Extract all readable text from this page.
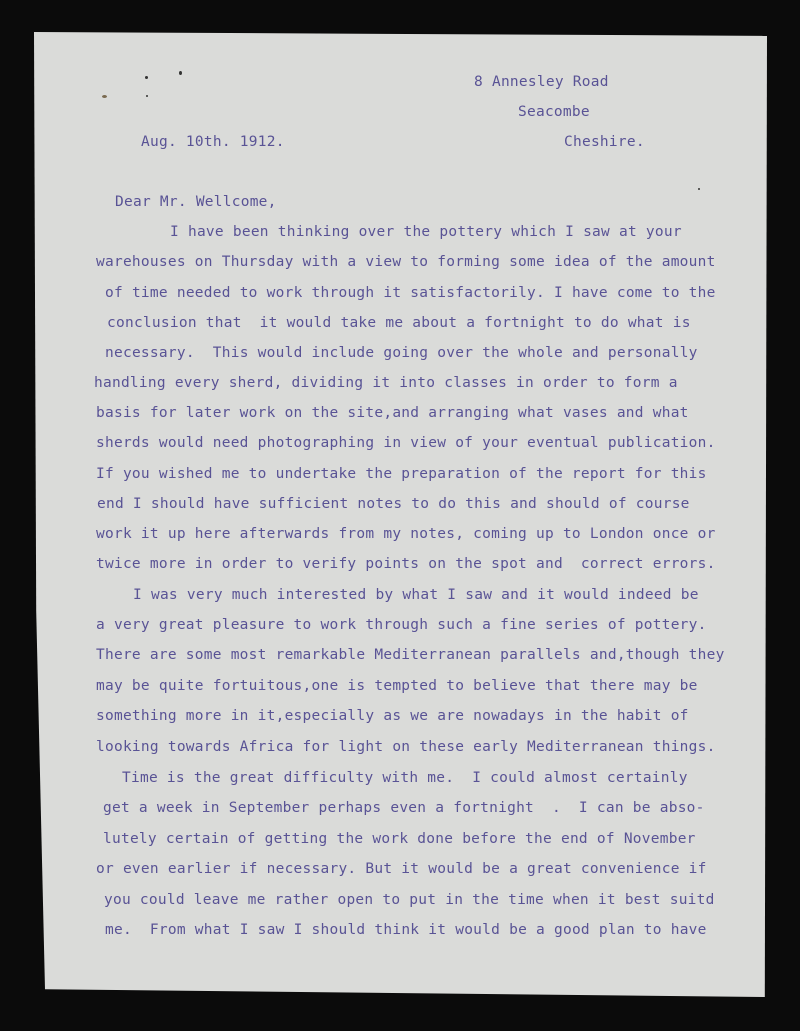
8 Annesley Road
Seacombe
Cheshire.
Aug. 10th. 1912.
Dear Mr. Wellcome,
I have been thinking over the pottery which I saw at your
warehouses on Thursday with a view to forming some idea of the amount
of time needed to work through it satisfactorily. I have come to the
conclusion that  it would take me about a fortnight to do what is
necessary.  This would include going over the whole and personally
handling every sherd, dividing it into classes in order to form a
basis for later work on the site,and arranging what vases and what
sherds would need photographing in view of your eventual publication.
If you wished me to undertake the preparation of the report for this
end I should have sufficient notes to do this and should of course
work it up here afterwards from my notes, coming up to London once or
twice more in order to verify points on the spot and  correct errors.
I was very much interested by what I saw and it would indeed be
a very great pleasure to work through such a fine series of pottery.
There are some most remarkable Mediterranean parallels and,though they
may be quite fortuitous,one is tempted to believe that there may be
something more in it,especially as we are nowadays in the habit of
looking towards Africa for light on these early Mediterranean things.
Time is the great difficulty with me.  I could almost certainly
get a week in September perhaps even a fortnight  .  I can be abso-
lutely certain of getting the work done before the end of November
or even earlier if necessary. But it would be a great convenience if
you could leave me rather open to put in the time when it best suitd
me.  From what I saw I should think it would be a good plan to have
